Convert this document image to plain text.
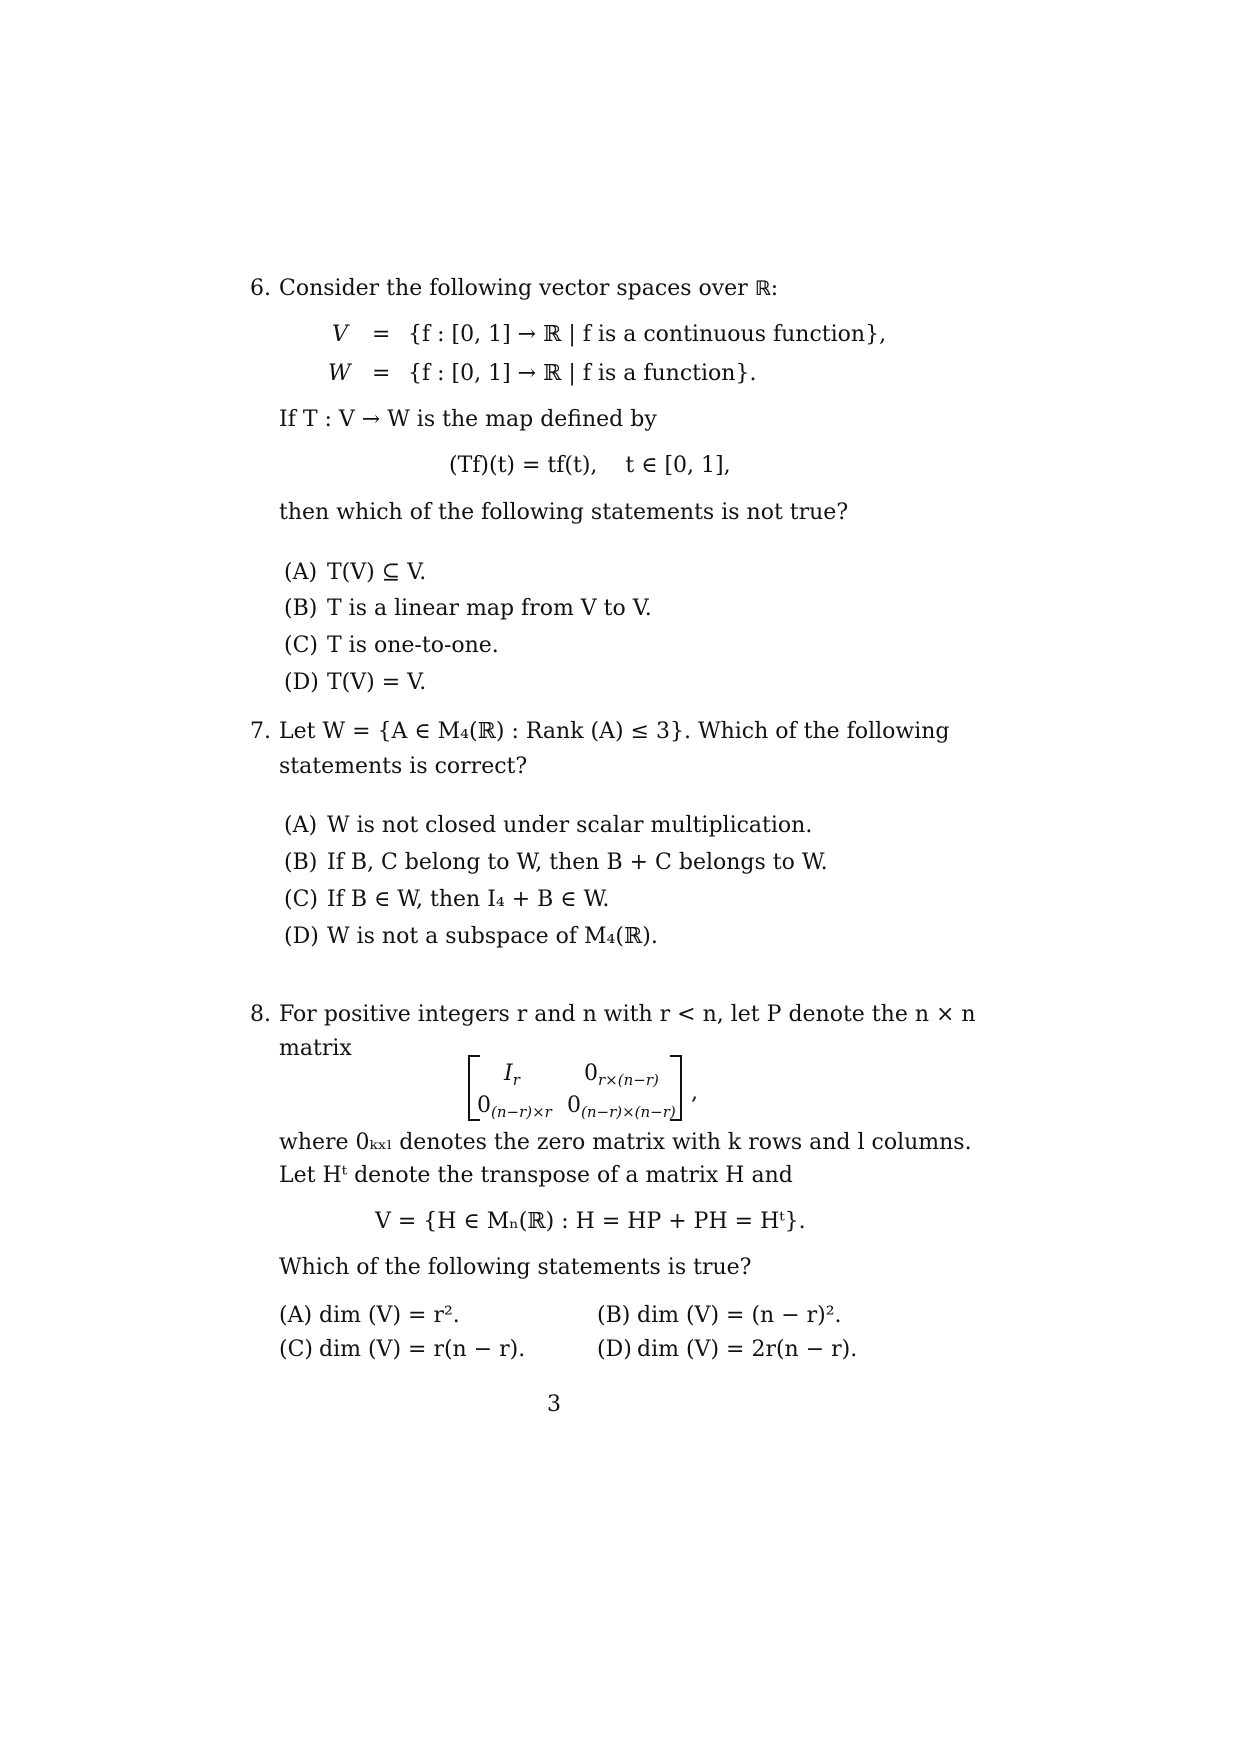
6. Consider the following vector spaces over ℝ:
V = {f : [0, 1] → ℝ | f is a continuous function},
W = {f : [0, 1] → ℝ | f is a function}.
If T : V → W is the map defined by
(Tf)(t) = tf(t),    t ∈ [0, 1],
then which of the following statements is not true?
(A) T(V) ⊆ V.
(B) T is a linear map from V to V.
(C) T is one-to-one.
(D) T(V) = V.
7. Let W = {A ∈ M₄(ℝ) : Rank (A) ≤ 3}. Which of the following
statements is correct?
(A) W is not closed under scalar multiplication.
(B) If B, C belong to W, then B + C belongs to W.
(C) If B ∈ W, then I₄ + B ∈ W.
(D) W is not a subspace of M₄(ℝ).
8. For positive integers r and n with r < n, let P denote the n × n
matrix
$I_r$	$0_{r\times(n-r)}$
$0_{(n-r)\times r}$ $0_{(n-r)\times(n-r)}$
,
where 0ₖₓₗ denotes the zero matrix with k rows and l columns.
Let Hᵗ denote the transpose of a matrix H and
V = {H ∈ Mₙ(ℝ) : H = HP + PH = Hᵗ}.
Which of the following statements is true?
(A) dim (V) = r².	(B) dim (V) = (n − r)².
(C) dim (V) = r(n − r).	(D) dim (V) = 2r(n − r).
3
